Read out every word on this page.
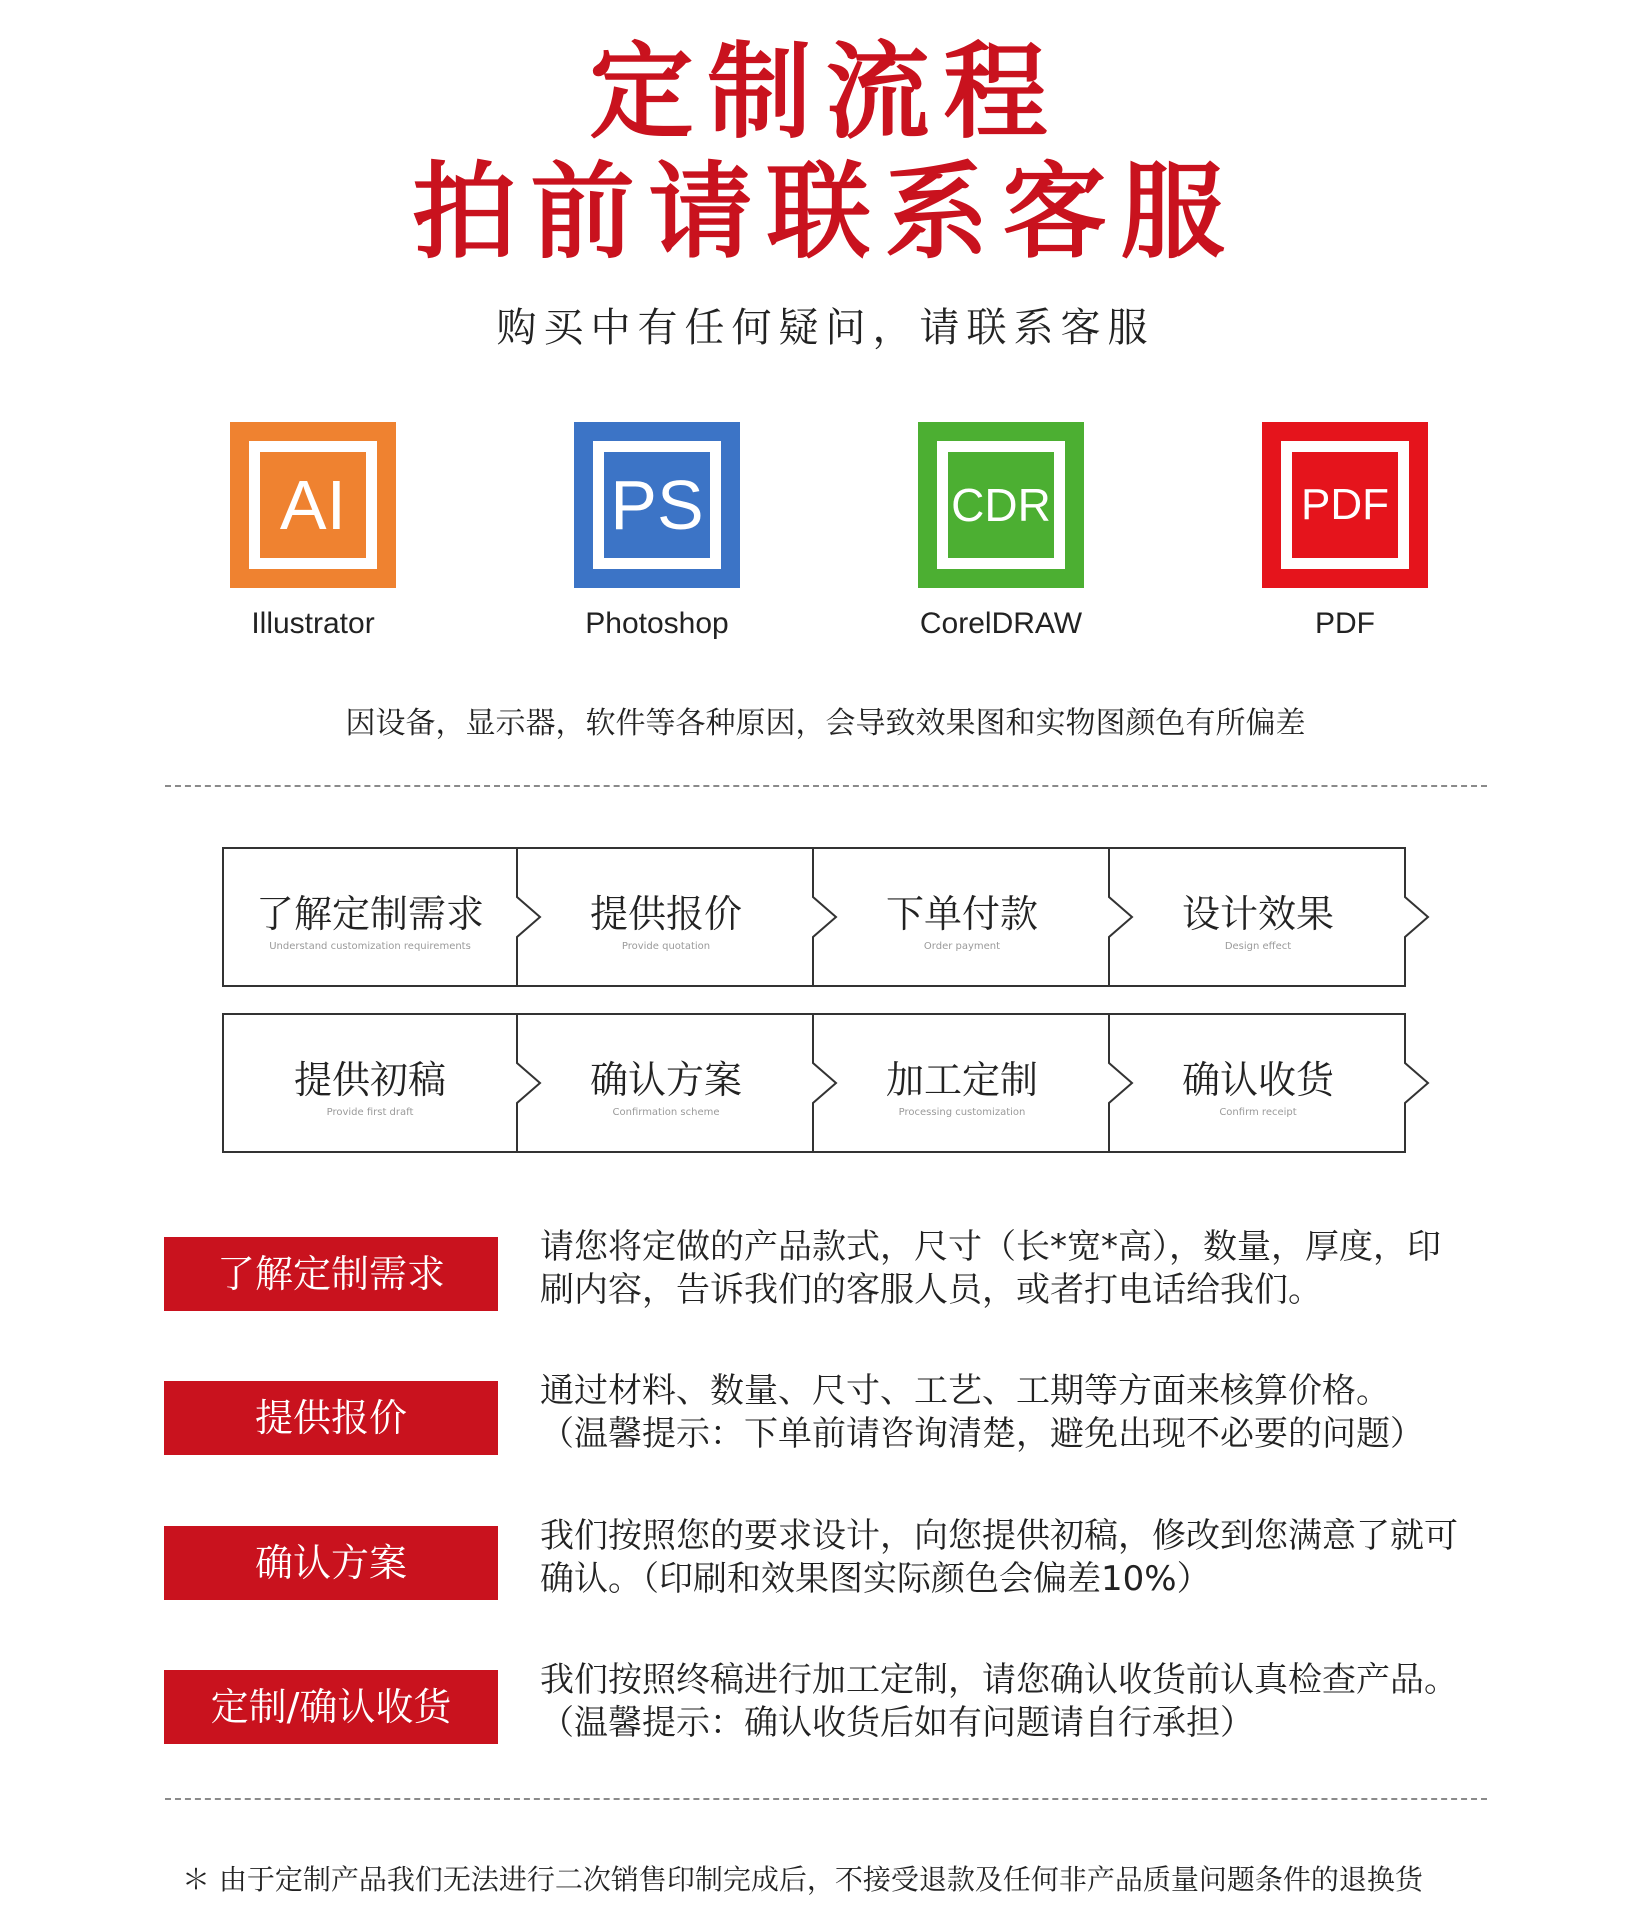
定制流程
拍前请联系客服
购买中有任何疑问，请联系客服
AI
Illustrator
PS
Photoshop
CDR
CorelDRAW
PDF
PDF
因设备，显示器，软件等各种原因，会导致效果图和实物图颜色有所偏差
了解定制需求
Understand customization requirements
提供报价
Provide quotation
下单付款
Order payment
设计效果
Design effect
提供初稿
Provide first draft
确认方案
Confirmation scheme
加工定制
Processing customization
确认收货
Confirm receipt
了解定制需求
请您将定做的产品款式，尺寸（长*宽*高），数量，厚度，印
刷内容，告诉我们的客服人员，或者打电话给我们。
提供报价
通过材料、数量、尺寸、工艺、工期等方面来核算价格。
（温馨提示：下单前请咨询清楚，避免出现不必要的问题）
确认方案
我们按照您的要求设计，向您提供初稿，修改到您满意了就可
确认。（印刷和效果图实际颜色会偏差10%）
定制/确认收货
我们按照终稿进行加工定制，请您确认收货前认真检查产品。
（温馨提示：确认收货后如有问题请自行承担）
＊ 由于定制产品我们无法进行二次销售印制完成后，不接受退款及任何非产品质量问题条件的退换货
